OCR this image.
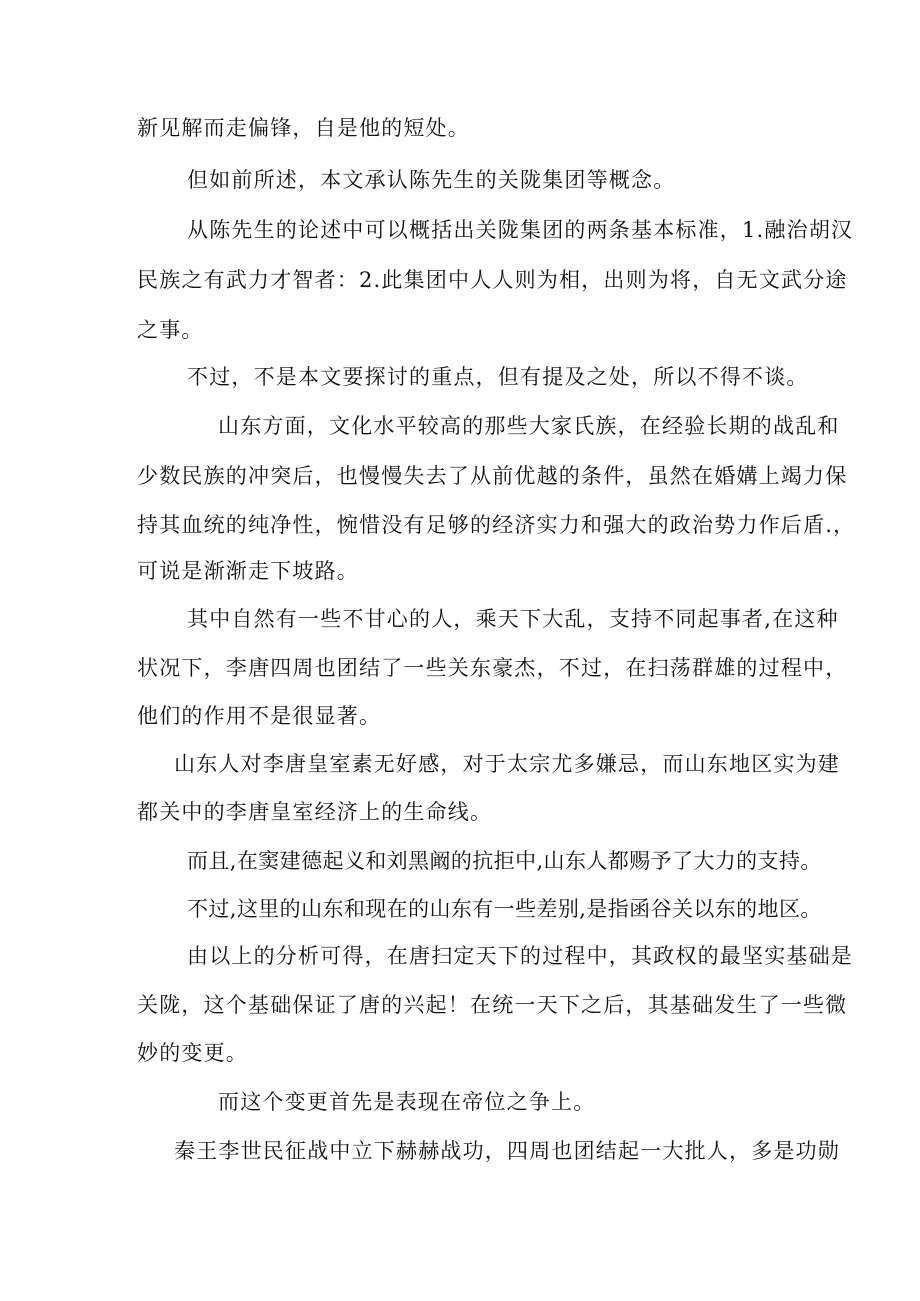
新见解而走偏锋，自是他的短处。
但如前所述，本文承认陈先生的关陇集团等概念。
从陈先生的论述中可以概括出关陇集团的两条基本标准，1.融治胡汉
民族之有武力才智者：2.此集团中人人则为相，出则为将，自无文武分途
之事。
不过，不是本文要探讨的重点，但有提及之处，所以不得不谈。
山东方面，文化水平较高的那些大家氏族，在经验长期的战乱和
少数民族的冲突后，也慢慢失去了从前优越的条件，虽然在婚媾上竭力保
持其血统的纯净性，惋惜没有足够的经济实力和强大的政治势力作后盾.，
可说是渐渐走下坡路。
其中自然有一些不甘心的人，乘天下大乱，支持不同起事者,在这种
状况下，李唐四周也团结了一些关东豪杰，不过，在扫荡群雄的过程中，
他们的作用不是很显著。
山东人对李唐皇室素无好感，对于太宗尤多嫌忌，而山东地区实为建
都关中的李唐皇室经济上的生命线。
而且,在窦建德起义和刘黑阚的抗拒中,山东人都赐予了大力的支持。
不过,这里的山东和现在的山东有一些差别,是指函谷关以东的地区。
由以上的分析可得，在唐扫定天下的过程中，其政权的最坚实基础是
关陇，这个基础保证了唐的兴起！在统一天下之后，其基础发生了一些微
妙的变更。
而这个变更首先是表现在帝位之争上。
秦王李世民征战中立下赫赫战功，四周也团结起一大批人，多是功勋
